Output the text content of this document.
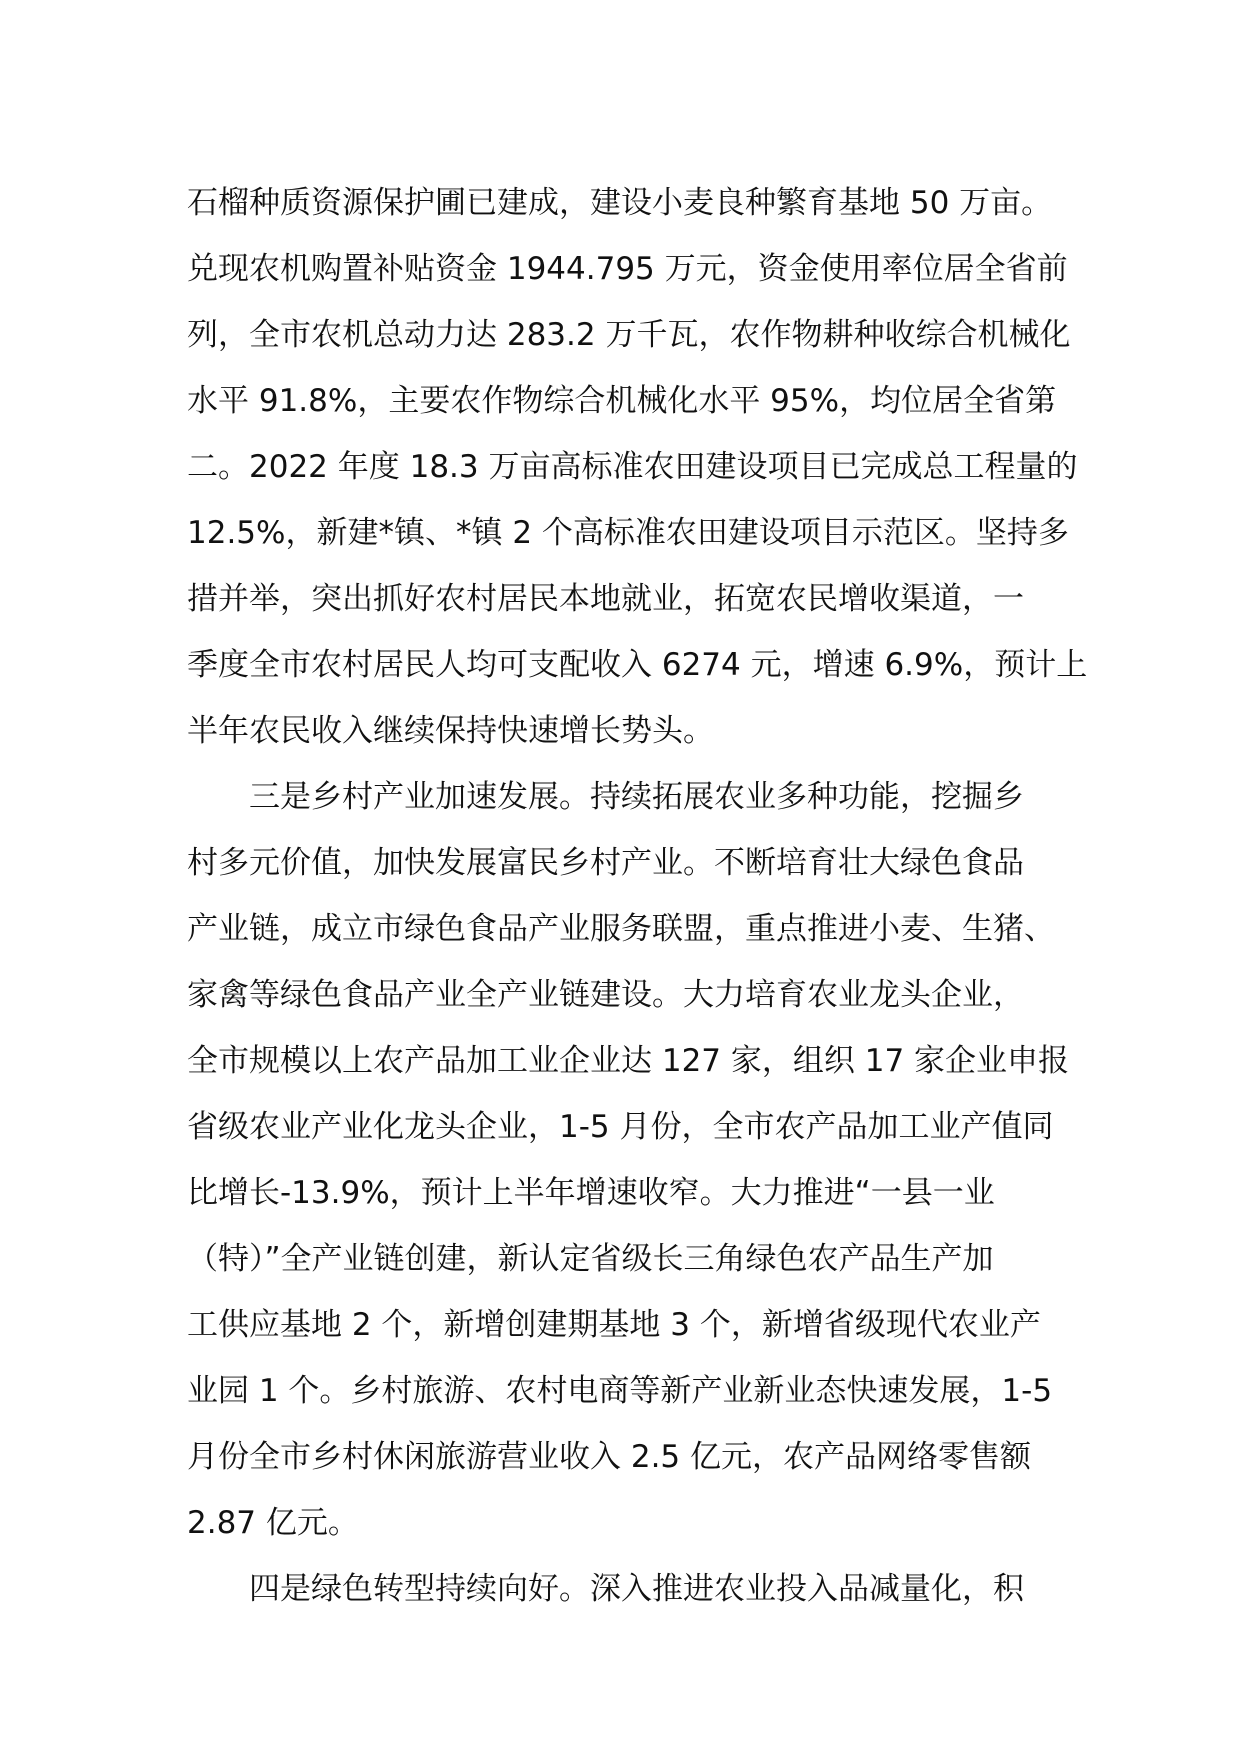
石榴种质资源保护圃已建成，建设小麦良种繁育基地 50 万亩。
兑现农机购置补贴资金 1944.795 万元，资金使用率位居全省前
列，全市农机总动力达 283.2 万千瓦，农作物耕种收综合机械化
水平 91.8%，主要农作物综合机械化水平 95%，均位居全省第
二。2022 年度 18.3 万亩高标准农田建设项目已完成总工程量的
12.5%，新建*镇、*镇 2 个高标准农田建设项目示范区。坚持多
措并举，突出抓好农村居民本地就业，拓宽农民增收渠道，一
季度全市农村居民人均可支配收入 6274 元，增速 6.9%，预计上
半年农民收入继续保持快速增长势头。
三是乡村产业加速发展。持续拓展农业多种功能，挖掘乡
村多元价值，加快发展富民乡村产业。不断培育壮大绿色食品
产业链，成立市绿色食品产业服务联盟，重点推进小麦、生猪、
家禽等绿色食品产业全产业链建设。大力培育农业龙头企业，
全市规模以上农产品加工业企业达 127 家，组织 17 家企业申报
省级农业产业化龙头企业，1-5 月份，全市农产品加工业产值同
比增长-13.9%，预计上半年增速收窄。大力推进“一县一业
（特）”全产业链创建，新认定省级长三角绿色农产品生产加
工供应基地 2 个，新增创建期基地 3 个，新增省级现代农业产
业园 1 个。乡村旅游、农村电商等新产业新业态快速发展，1-5
月份全市乡村休闲旅游营业收入 2.5 亿元，农产品网络零售额
2.87 亿元。
四是绿色转型持续向好。深入推进农业投入品减量化，积
